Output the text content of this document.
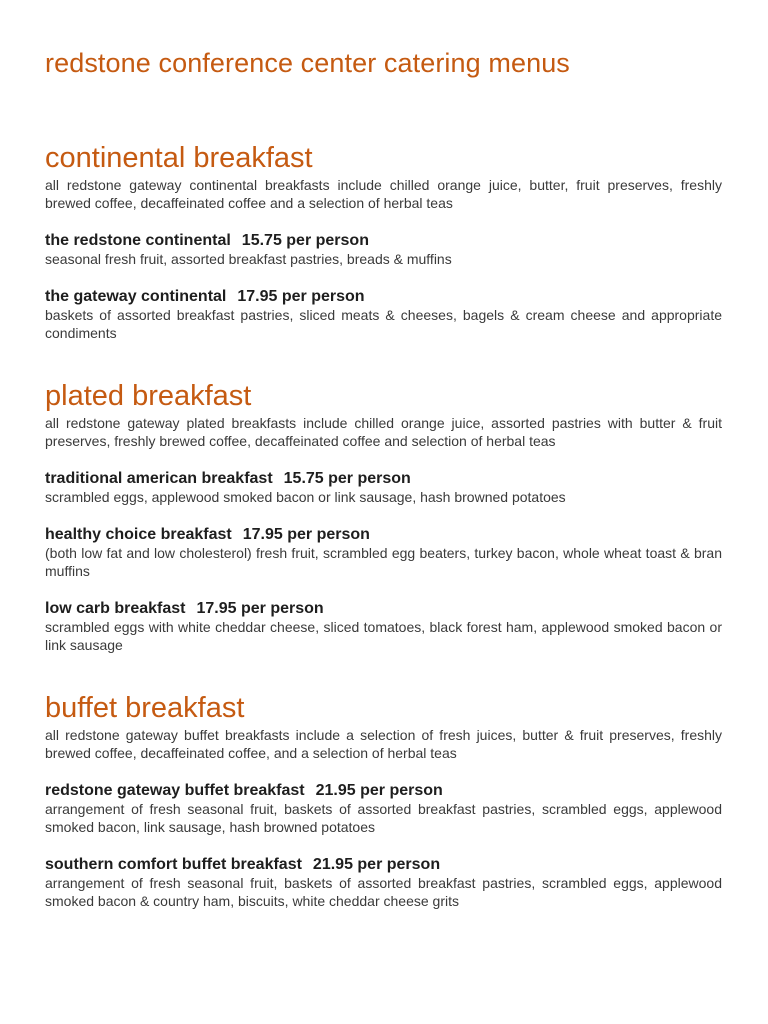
redstone conference center catering menus
continental breakfast

all redstone gateway continental breakfasts include chilled orange juice, butter, fruit preserves, freshly brewed coffee, decaffeinated coffee and a selection of herbal teas

the redstone continental 15.75 per person

seasonal fresh fruit, assorted breakfast pastries, breads & muffins

the gateway continental 17.95 per person

baskets of assorted breakfast pastries, sliced meats & cheeses, bagels & cream cheese and appropriate condiments

plated breakfast

all redstone gateway plated breakfasts include chilled orange juice, assorted pastries with butter & fruit preserves, freshly brewed coffee, decaffeinated coffee and selection of herbal teas

traditional american breakfast 15.75 per person

scrambled eggs, applewood smoked bacon or link sausage, hash browned potatoes

healthy choice breakfast 17.95 per person

(both low fat and low cholesterol) fresh fruit, scrambled egg beaters, turkey bacon, whole wheat toast & bran muffins

low carb breakfast 17.95 per person

scrambled eggs with white cheddar cheese, sliced tomatoes, black forest ham, applewood smoked bacon or link sausage

buffet breakfast

all redstone gateway buffet breakfasts include a selection of fresh juices, butter & fruit preserves, freshly brewed coffee, decaffeinated coffee, and a selection of herbal teas

redstone gateway buffet breakfast 21.95 per person

arrangement of fresh seasonal fruit, baskets of assorted breakfast pastries, scrambled eggs, applewood smoked bacon, link sausage, hash browned potatoes

southern comfort buffet breakfast 21.95 per person

arrangement of fresh seasonal fruit, baskets of assorted breakfast pastries, scrambled eggs, applewood smoked bacon & country ham, biscuits, white cheddar cheese grits
